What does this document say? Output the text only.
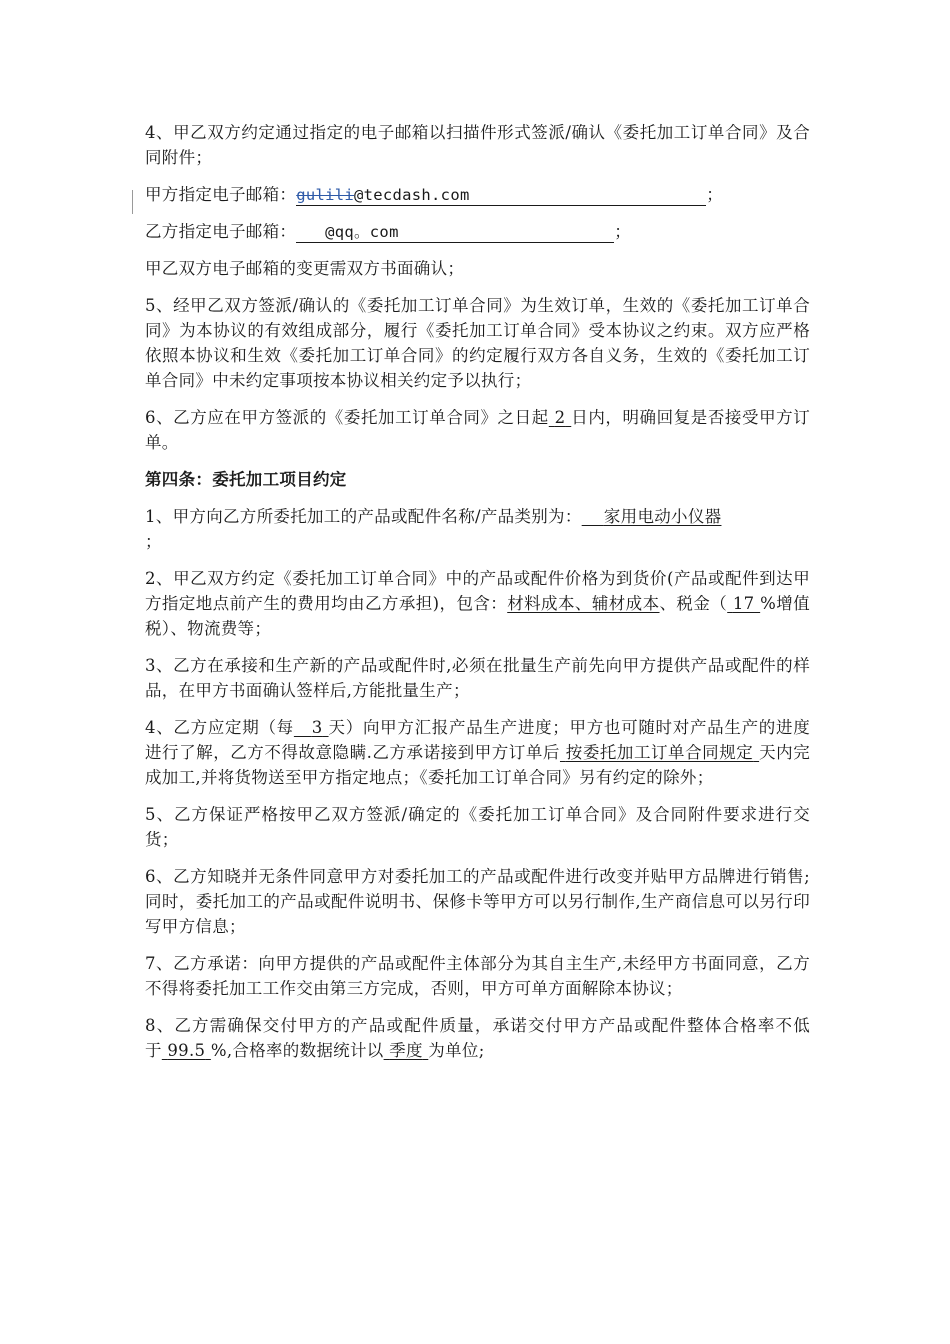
4、甲乙双方约定通过指定的电子邮箱以扫描件形式签派/确认《委托加工订单合同》及合同附件；

甲方指定电子邮箱：gulili@tecdash.com	；

乙方指定电子邮箱： @qq。com	；

甲乙双方电子邮箱的变更需双方书面确认；

5、经甲乙双方签派/确认的《委托加工订单合同》为生效订单，生效的《委托加工订单合同》为本协议的有效组成部分，履行《委托加工订单合同》受本协议之约束。双方应严格依照本协议和生效《委托加工订单合同》的约定履行双方各自义务，生效的《委托加工订单合同》中未约定事项按本协议相关约定予以执行；

6、乙方应在甲方签派的《委托加工订单合同》之日起 2 日内，明确回复是否接受甲方订单。

第四条：委托加工项目约定

1、甲方向乙方所委托加工的产品或配件名称/产品类别为： 家用电动小仪器
；

2、甲乙双方约定《委托加工订单合同》中的产品或配件价格为到货价(产品或配件到达甲方指定地点前产生的费用均由乙方承担)，包含：材料成本、辅材成本、税金（ 17 %增值税）、物流费等；

3、乙方在承接和生产新的产品或配件时,必须在批量生产前先向甲方提供产品或配件的样品，在甲方书面确认签样后,方能批量生产；

4、乙方应定期（每 3 天）向甲方汇报产品生产进度；甲方也可随时对产品生产的进度进行了解，乙方不得故意隐瞒.乙方承诺接到甲方订单后 按委托加工订单合同规定 天内完成加工,并将货物送至甲方指定地点；《委托加工订单合同》另有约定的除外；

5、乙方保证严格按甲乙双方签派/确定的《委托加工订单合同》及合同附件要求进行交货；

6、乙方知晓并无条件同意甲方对委托加工的产品或配件进行改变并贴甲方品牌进行销售;同时，委托加工的产品或配件说明书、保修卡等甲方可以另行制作,生产商信息可以另行印写甲方信息；

7、乙方承诺：向甲方提供的产品或配件主体部分为其自主生产,未经甲方书面同意，乙方不得将委托加工工作交由第三方完成，否则，甲方可单方面解除本协议；

8、乙方需确保交付甲方的产品或配件质量，承诺交付甲方产品或配件整体合格率不低于 99.5 %,合格率的数据统计以 季度 为单位;
